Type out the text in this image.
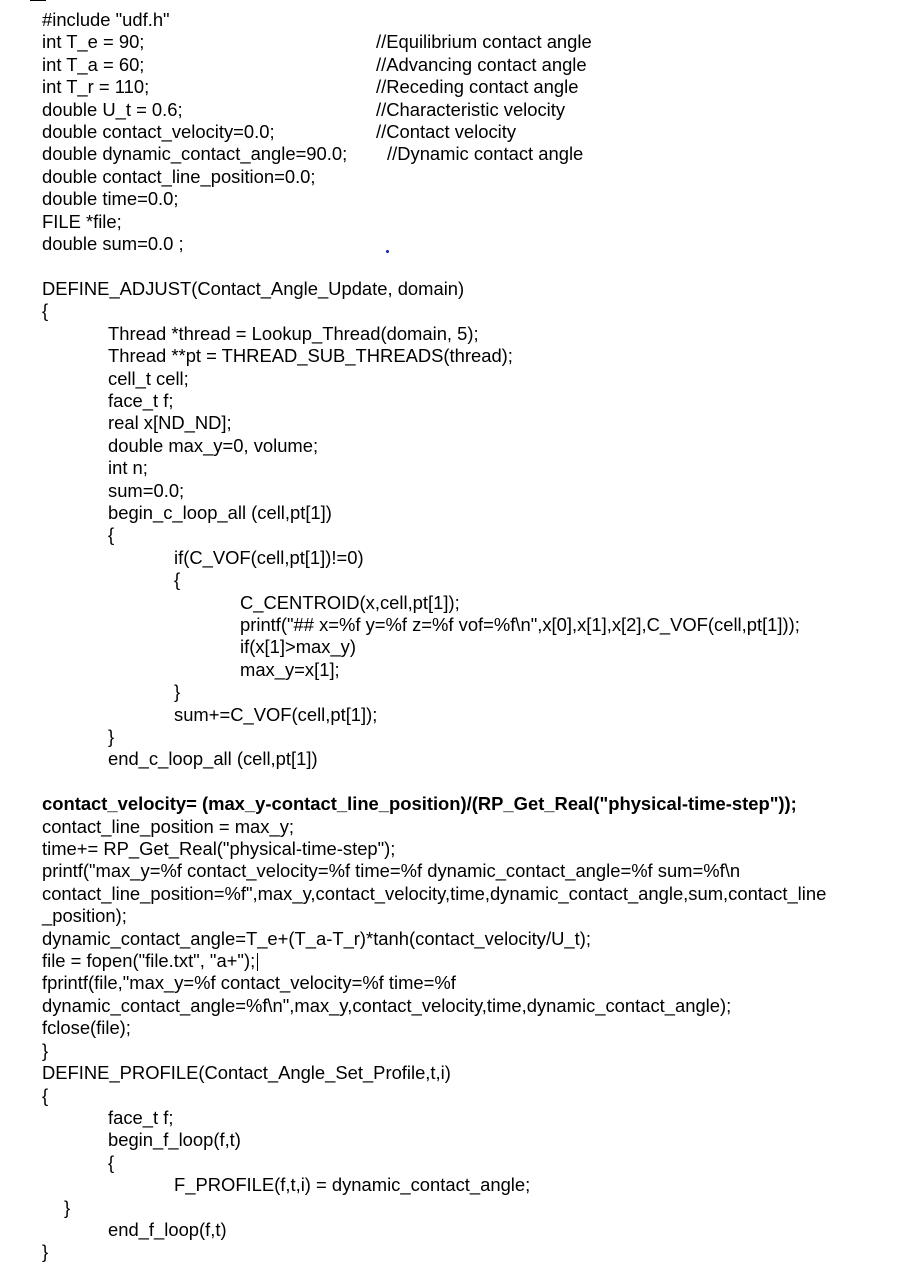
#include "udf.h"
int T_e = 90;	//Equilibrium contact angle
int T_a = 60;	//Advancing contact angle
int T_r = 110;	//Receding contact angle
double U_t = 0.6;	//Characteristic velocity
double contact_velocity=0.0;	//Contact velocity
double dynamic_contact_angle=90.0; //Dynamic contact angle
double contact_line_position=0.0;
double time=0.0;
FILE *file;
double sum=0.0 ;
DEFINE_ADJUST(Contact_Angle_Update, domain)
{
Thread *thread = Lookup_Thread(domain, 5);
Thread **pt = THREAD_SUB_THREADS(thread);
cell_t cell;
face_t f;
real x[ND_ND];
double max_y=0, volume;
int n;
sum=0.0;
begin_c_loop_all (cell,pt[1])
{
if(C_VOF(cell,pt[1])!=0)
{
C_CENTROID(x,cell,pt[1]);
printf("## x=%f y=%f z=%f vof=%f\n",x[0],x[1],x[2],C_VOF(cell,pt[1]));
if(x[1]>max_y)
max_y=x[1];
}
sum+=C_VOF(cell,pt[1]);
}
end_c_loop_all (cell,pt[1])
contact_velocity= (max_y-contact_line_position)/(RP_Get_Real("physical-time-step"));
contact_line_position = max_y;
time+= RP_Get_Real("physical-time-step");
printf("max_y=%f contact_velocity=%f time=%f dynamic_contact_angle=%f sum=%f\n
contact_line_position=%f",max_y,contact_velocity,time,dynamic_contact_angle,sum,contact_line
_position);
dynamic_contact_angle=T_e+(T_a-T_r)*tanh(contact_velocity/U_t);
file = fopen("file.txt", "a+");
fprintf(file,"max_y=%f contact_velocity=%f time=%f
dynamic_contact_angle=%f\n",max_y,contact_velocity,time,dynamic_contact_angle);
fclose(file);
}
DEFINE_PROFILE(Contact_Angle_Set_Profile,t,i)
{
face_t f;
begin_f_loop(f,t)
{
F_PROFILE(f,t,i) = dynamic_contact_angle;
}
end_f_loop(f,t)
}
